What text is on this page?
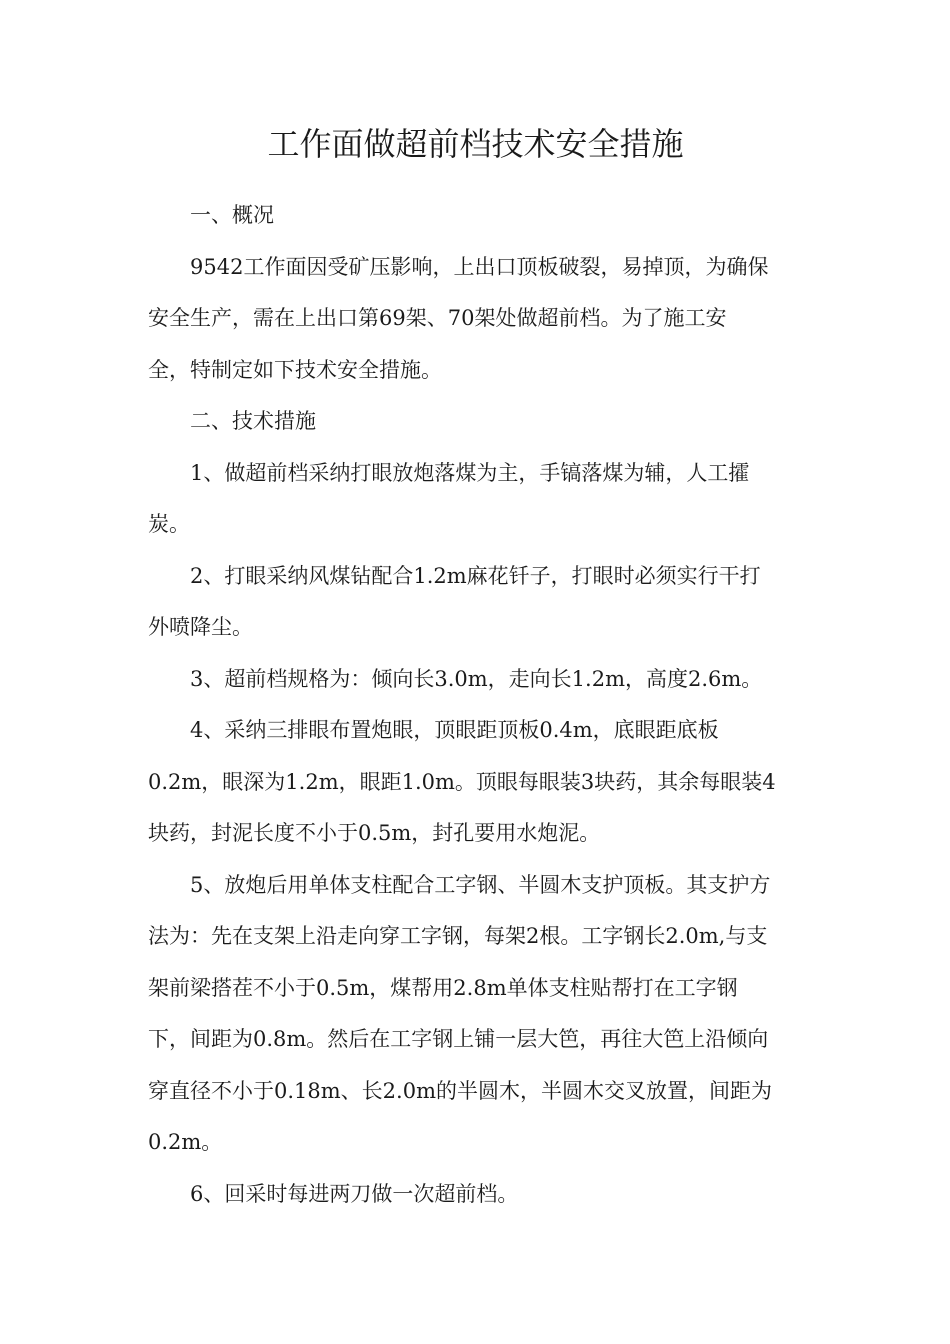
工作面做超前档技术安全措施

一、概况

9542工作面因受矿压影响，上出口顶板破裂，易掉顶，为确保
安全生产，需在上出口第69架、70架处做超前档。为了施工安
全，特制定如下技术安全措施。

二、技术措施

1、做超前档采纳打眼放炮落煤为主，手镐落煤为辅，人工攉
炭。

2、打眼采纳风煤钻配合1.2m麻花钎子，打眼时必须实行干打
外喷降尘。

3、超前档规格为：倾向长3.0m，走向长1.2m，高度2.6m。

4、采纳三排眼布置炮眼，顶眼距顶板0.4m，底眼距底板
0.2m，眼深为1.2m，眼距1.0m。顶眼每眼装3块药，其余每眼装4
块药，封泥长度不小于0.5m，封孔要用水炮泥。

5、放炮后用单体支柱配合工字钢、半圆木支护顶板。其支护方
法为：先在支架上沿走向穿工字钢，每架2根。工字钢长2.0m,与支
架前梁搭茬不小于0.5m，煤帮用2.8m单体支柱贴帮打在工字钢
下，间距为0.8m。然后在工字钢上铺一层大笆，再往大笆上沿倾向
穿直径不小于0.18m、长2.0m的半圆木，半圆木交叉放置，间距为
0.2m。

6、回采时每进两刀做一次超前档。
